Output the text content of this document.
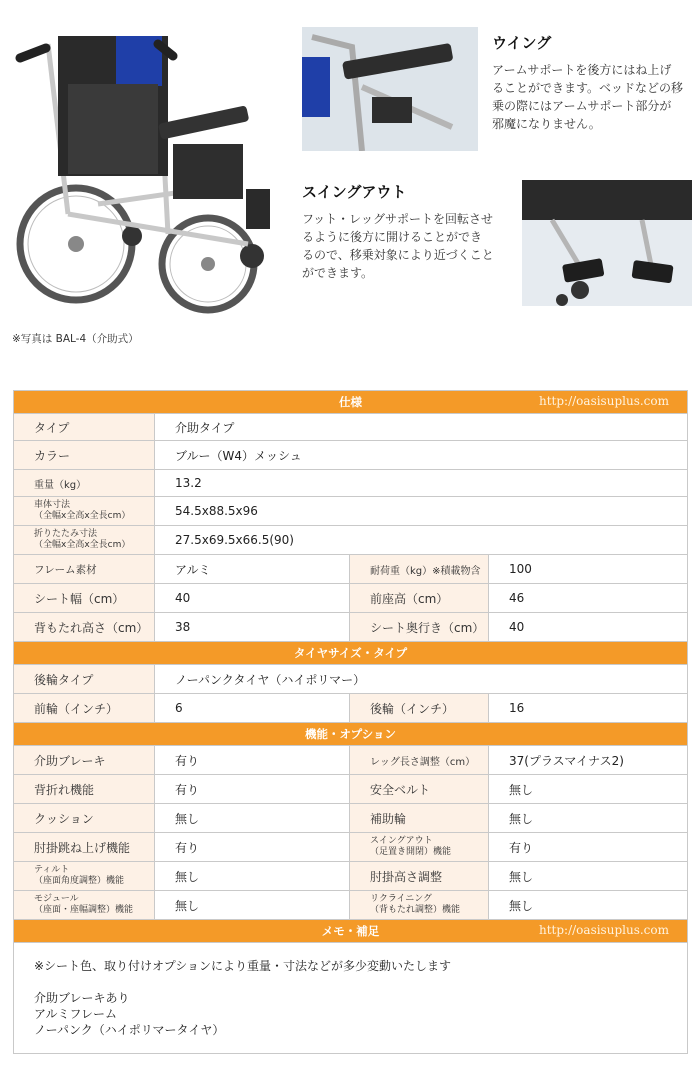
※写真は BAL-4（介助式）
ウイング
アームサポートを後方にはね上げ
ることができます。ベッドなどの移
乗の際にはアームサポート部分が
邪魔になりません。
スイングアウト
フット・レッグサポートを回転させ
るように後方に開けることができ
るので、移乗対象により近づくこと
ができます。
仕様 http://oasisuplus.com			

タイプ	介助タイプ		
カラー	ブルー（W4）メッシュ		
重量（kg）	13.2		
車体寸法
（全幅x全高x全長cm）	54.5x88.5x96		
折りたたみ寸法
（全幅x全高x全長cm）	27.5x69.5x66.5(90)		
フレーム素材	アルミ	耐荷重（kg）※積載物含	100
シート幅（cm）	40	前座高（cm）	46
背もたれ高さ（cm）	38	シート奥行き（cm）	40
タイヤサイズ・タイプ			
後輪タイプ	ノーパンクタイヤ（ハイポリマー）		
前輪（インチ）	6	後輪（インチ）	16
機能・オプション			
介助ブレーキ	有り	レッグ長さ調整（cm）	37(プラスマイナス2)
背折れ機能	有り	安全ベルト	無し
クッション	無し	補助輪	無し
肘掛跳ね上げ機能	有り	スイングアウト
（足置き開閉）機能	有り
ティルト
（座面角度調整）機能	無し	肘掛高さ調整	無し
モジュール
（座面・座幅調整）機能	無し	リクライニング
（背もたれ調整）機能	無し
メモ・補足 http://oasisuplus.com			

※シート色、取り付けオプションにより重量・寸法などが多少変動いたします
介助ブレーキあり
アルミフレーム
ノーパンク（ハイポリマータイヤ）			
